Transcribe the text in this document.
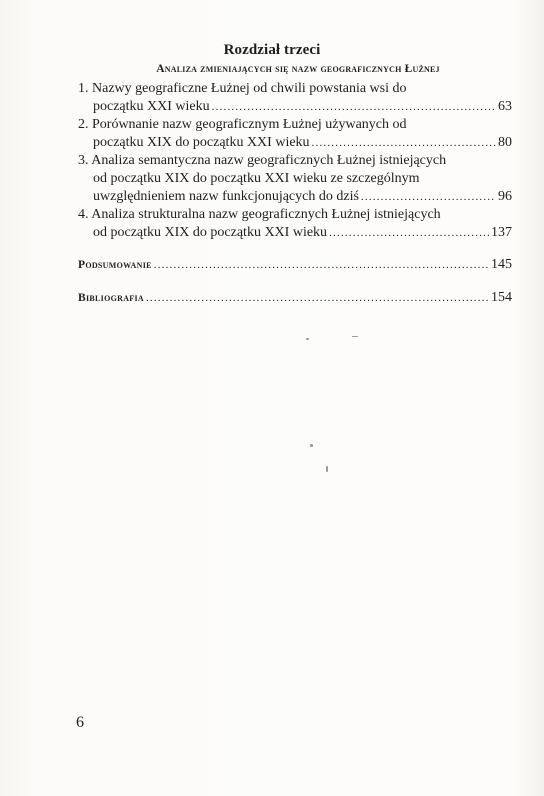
Rozdział trzeci
Analiza zmieniających się nazw geograficznych Łużnej
1. Nazwy geograficzne Łużnej od chwili powstania wsi do
początku XXI wieku .....	63
2. Porównanie nazw geograficznym Łużnej używanych od
początku XIX do początku XXI wieku .....	80
3. Analiza semantyczna nazw geograficznych Łużnej istniejących
od początku XIX do początku XXI wieku ze szczególnym
uwzględnieniem nazw funkcjonujących do dziś .....	96
4. Analiza strukturalna nazw geograficznych Łużnej istniejących
od początku XIX do początku XXI wieku .....	137
Podsumowanie .....	145
Bibliografia .....	154
6
